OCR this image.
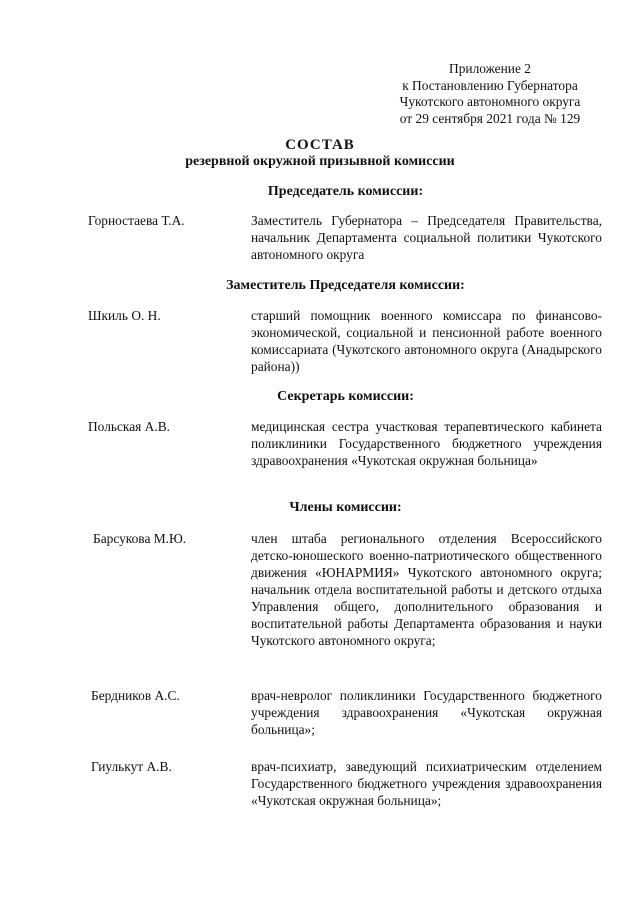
Приложение 2
к Постановлению Губернатора
Чукотского автономного округа
от 29 сентября 2021 года № 129
СОСТАВ
резервной окружной призывной комиссии
Председатель комиссии:
Горностаева Т.А.	Заместитель Губернатора – Председателя Правительства, начальник Департамента социальной политики Чукотского автономного округа
Заместитель Председателя комиссии:
Шкиль О. Н.	старший помощник военного комиссара по финансово-экономической, социальной и пенсионной работе военного комиссариата (Чукотского автономного округа (Анадырского района))
Секретарь комиссии:
Польская А.В.	медицинская сестра участковая терапевтического кабинета поликлиники Государственного бюджетного учреждения здравоохранения «Чукотская окружная больница»
Члены комиссии:
Барсукова М.Ю.	член штаба регионального отделения Всероссийского детско-юношеского военно-патриотического общественного движения «ЮНАРМИЯ» Чукотского автономного округа; начальник отдела воспитательной работы и детского отдыха Управления общего, дополнительного образования и воспитательной работы Департамента образования и науки Чукотского автономного округа;
Бердников А.С.	врач-невролог поликлиники Государственного бюджетного учреждения здравоохранения «Чукотская окружная больница»;
Гиулькут А.В.	врач-психиатр, заведующий психиатрическим отделением Государственного бюджетного учреждения здравоохранения «Чукотская окружная больница»;
